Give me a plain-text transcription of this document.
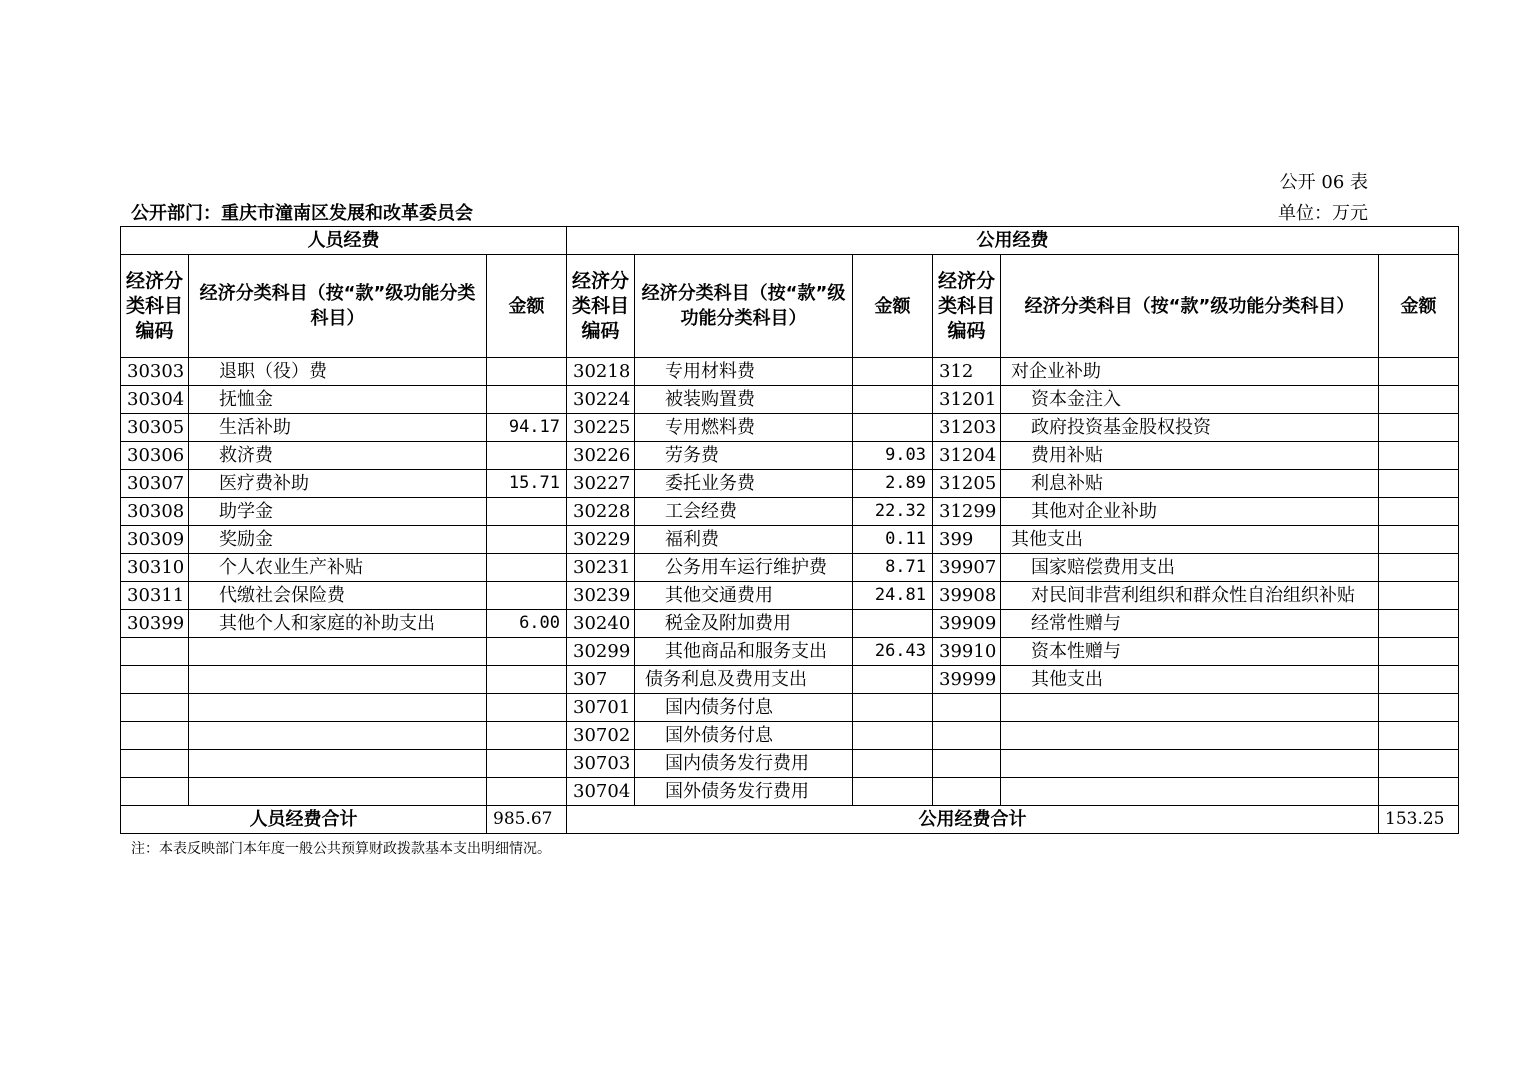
公开 06 表
公开部门：重庆市潼南区发展和改革委员会	单位：万元
人员经费			公用经费					
经济分类科目编码	经济分类科目（按“款”级功能分类科目）	金额	经济分类科目编码	经济分类科目（按“款”级功能分类科目）	金额	经济分类科目编码	经济分类科目（按“款”级功能分类科目）	金额
30303	退职（役）费		30218	专用材料费		312	对企业补助	
30304	抚恤金		30224	被装购置费		31201	资本金注入	
30305	生活补助	94.17	30225	专用燃料费		31203	政府投资基金股权投资	
30306	救济费		30226	劳务费	9.03	31204	费用补贴	
30307	医疗费补助	15.71	30227	委托业务费	2.89	31205	利息补贴	
30308	助学金		30228	工会经费	22.32	31299	其他对企业补助	
30309	奖励金		30229	福利费	0.11	399	其他支出	
30310	个人农业生产补贴		30231	公务用车运行维护费	8.71	39907	国家赔偿费用支出	
30311	代缴社会保险费		30239	其他交通费用	24.81	39908	对民间非营利组织和群众性自治组织补贴	
30399	其他个人和家庭的补助支出	6.00	30240	税金及附加费用		39909	经常性赠与	
			30299	其他商品和服务支出	26.43	39910	资本性赠与	
			307	债务利息及费用支出		39999	其他支出	
			30701	国内债务付息				
			30702	国外债务付息				
			30703	国内债务发行费用				
			30704	国外债务发行费用				
人员经费合计		985.67	公用经费合计					153.25
注：本表反映部门本年度一般公共预算财政拨款基本支出明细情况。
